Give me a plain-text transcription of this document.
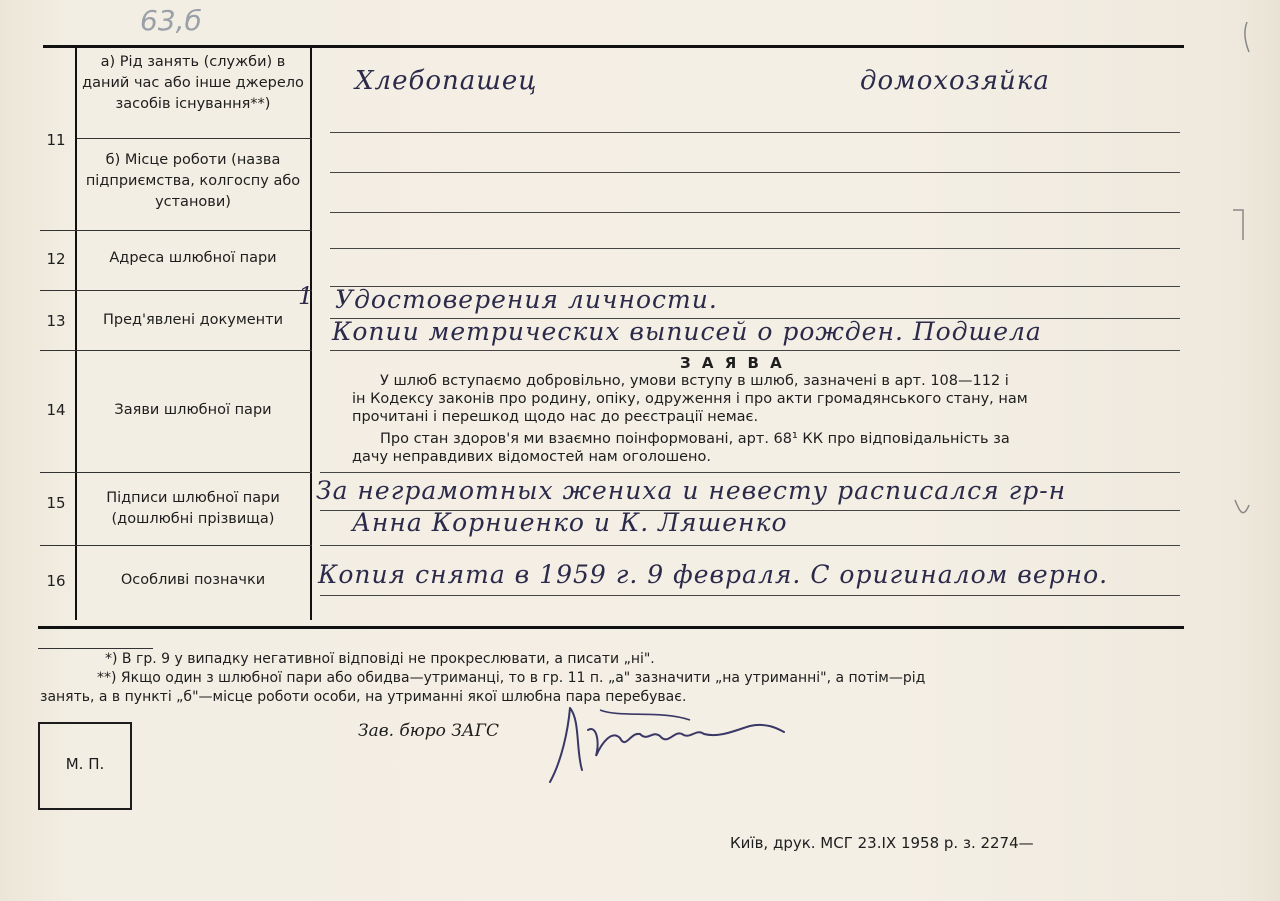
63,б
11
12
13
14
15
16
а) Рід занять (служби) в даний час або інше джерело засобів існування**)
б) Місце роботи (назва підприємства, колгоспу або установи)
Адреса шлюбної пари
Пред'явлені документи
Заяви шлюбної пари
Підписи шлюбної пари (дошлюбні прізвища)
Особливі позначки
Хлебопашец	домохозяйка
1 Удостоверения личности.
Копии метрических выписей о рожден. Подшела
З А Я В А
У шлюб вступаємо добровільно, умови вступу в шлюб, зазначені в арт. 108—112 і
ін Кодексу законів про родину, опіку, одруження і про акти громадянського стану, нам
прочитані і перешкод щодо нас до реєстрації немає.
Про стан здоров'я ми взаємно поінформовані, арт. 68¹ КК про відповідальність за
дачу неправдивих відомостей нам оголошено.
За неграмотных жениха и невесту расписался гр-н
Анна Корниенко и К. Ляшенко
Копия снята в 1959 г. 9 февраля. С оригиналом верно.
*) В гр. 9 у випадку негативної відповіді не прокреслювати, а писати „ні".
**) Якщо один з шлюбної пари або обидва—утриманці, то в гр. 11 п. „а" зазначити „на утриманні", а потім—рід
занять, а в пункті „б"—місце роботи особи, на утриманні якої шлюбна пара перебуває.
Зав. бюро ЗАГС
М. П.
Київ, друк. МСГ 23.IX 1958 р. з. 2274—
